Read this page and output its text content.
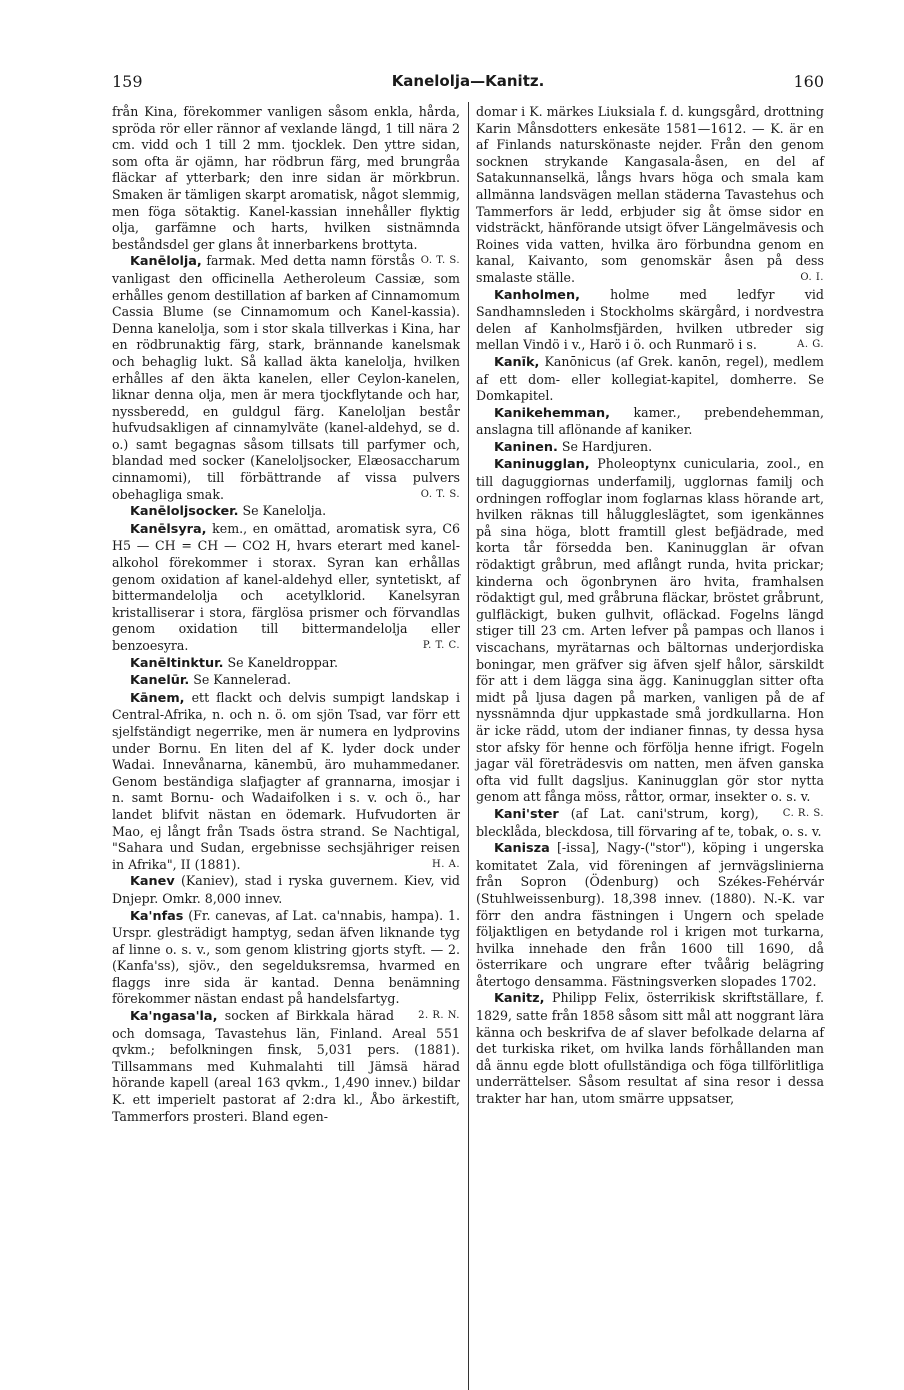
159	Kanelolja—Kanitz.	160

från Kina, förekommer vanligen såsom enkla, hårda, spröda rör eller rännor af vexlande längd, 1 till nära 2 cm. vidd och 1 till 2 mm. tjocklek. Den yttre sidan, som ofta är ojämn, har rödbrun färg, med brungråa fläckar af ytterbark; den inre sidan är mörkbrun. Smaken är tämligen skarpt aromatisk, något slemmig, men föga sötaktig. Kanel-kassian innehåller flyktig olja, garfämne och harts, hvilken sistnämnda beståndsdel ger glans åt innerbarkens brottyta.
O. T. S.

Kanēlolja, farmak. Med detta namn förstås vanligast den officinella Aetheroleum Cassiæ, som erhålles genom destillation af barken af Cinnamomum Cassia Blume (se Cinnamomum och Kanel-kassia). Denna kanelolja, som i stor skala tillverkas i Kina, har en rödbrunaktig färg, stark, brännande kanelsmak och behaglig lukt. Så kallad äkta kanelolja, hvilken erhålles af den äkta kanelen, eller Ceylon-kanelen, liknar denna olja, men är mera tjockflytande och har, nyssberedd, en guldgul färg. Kaneloljan består hufvudsakligen af cinnamylväte (kanel-aldehyd, se d. o.) samt begagnas såsom tillsats till parfymer och, blandad med socker (Kaneloljsocker, Elæosaccharum cinnamomi), till förbättrande af vissa pulvers obehagliga smak.	O. T. S.

Kanēloljsocker. Se Kanelolja.

Kanēlsyra, kem., en omättad, aromatisk syra, C6 H5 — CH = CH — CO2 H, hvars eterart med kanel-alkohol förekommer i storax. Syran kan erhållas genom oxidation af kanel-aldehyd eller, syntetiskt, af bittermandelolja och acetylklorid. Kanelsyran kristalliserar i stora, färglösa prismer och förvandlas genom oxidation till bittermandelolja eller benzoesyra.	P. T. C.

Kanēltinktur. Se Kaneldroppar.

Kanelūr. Se Kannelerad.

Kānem, ett flackt och delvis sumpigt landskap i Central-Afrika, n. och n. ö. om sjön Tsad, var förr ett sjelfständigt negerrike, men är numera en lydprovins under Bornu. En liten del af K. lyder dock under Wadai. Innevånarna, kānembū, äro muhammedaner. Genom beständiga slafjagter af grannarna, imosjar i n. samt Bornu- och Wadaifolken i s. v. och ö., har landet blifvit nästan en ödemark. Hufvudorten är Mao, ej långt från Tsads östra strand. Se Nachtigal, "Sahara und Sudan, ergebnisse sechsjähriger reisen in Afrika", II (1881).	H. A.

Kanev (Kaniev), stad i ryska guvernem. Kiev, vid Dnjepr. Omkr. 8,000 innev.

Ka'nfas (Fr. canevas, af Lat. ca'nnabis, hampa). 1. Urspr. glesträdigt hamptyg, sedan äfven liknande tyg af linne o. s. v., som genom klistring gjorts styft. — 2. (Kanfa'ss), sjöv., den segelduksremsa, hvarmed en flaggs inre sida är kantad. Denna benämning förekommer nästan endast på handelsfartyg.
2. R. N.

Ka'ngasa'la, socken af Birkkala härad och domsaga, Tavastehus län, Finland. Areal 551 qvkm.; befolkningen finsk, 5,031 pers. (1881). Tillsammans med Kuhmalahti till Jämsä härad hörande kapell (areal 163 qvkm., 1,490 innev.) bildar K. ett imperielt pastorat af 2:dra kl., Åbo ärkestift, Tammerfors prosteri. Bland egen-

domar i K. märkes Liuksiala f. d. kungsgård, drottning Karin Månsdotters enkesäte 1581—1612. — K. är en af Finlands naturskönaste nejder. Från den genom socknen strykande Kangasala-åsen, en del af Satakunnanselkä, långs hvars höga och smala kam allmänna landsvägen mellan städerna Tavastehus och Tammerfors är ledd, erbjuder sig åt ömse sidor en vidsträckt, hänförande utsigt öfver Längelmävesis och Roines vida vatten, hvilka äro förbundna genom en kanal, Kaivanto, som genomskär åsen på dess smalaste ställe.	O. I.

Kanholmen, holme med ledfyr vid Sandhamnsleden i Stockholms skärgård, i nordvestra delen af Kanholmsfjärden, hvilken utbreder sig mellan Vindö i v., Harö i ö. och Runmarö i s.	A. G.

Kanīk, Kanōnicus (af Grek. kanōn, regel), medlem af ett dom- eller kollegiat-kapitel, domherre. Se Domkapitel.

Kanikehemman, kamer., prebendehemman, anslagna till aflönande af kaniker.

Kaninen. Se Hardjuren.

Kaninugglan, Pholeoptynx cunicularia, zool., en till daguggiornas underfamilj, ugglornas familj och ordningen roffoglar inom foglarnas klass hörande art, hvilken räknas till håluggleslägtet, som igenkännes på sina höga, blott framtill glest befjädrade, med korta tår försedda ben. Kaninugglan är ofvan rödaktigt gråbrun, med aflångt runda, hvita prickar; kinderna och ögonbrynen äro hvita, framhalsen rödaktigt gul, med gråbruna fläckar, bröstet gråbrunt, gulfläckigt, buken gulhvit, ofläckad. Fogelns längd stiger till 23 cm. Arten lefver på pampas och llanos i viscachans, myrätarnas och bältornas underjordiska boningar, men gräfver sig äfven sjelf hålor, särskildt för att i dem lägga sina ägg. Kaninugglan sitter ofta midt på ljusa dagen på marken, vanligen på de af nyssnämnda djur uppkastade små jordkullarna. Hon är icke rädd, utom der indianer finnas, ty dessa hysa stor afsky för henne och förfölja henne ifrigt. Fogeln jagar väl företrädesvis om natten, men äfven ganska ofta vid fullt dagsljus. Kaninugglan gör stor nytta genom att fånga möss, råttor, ormar, insekter o. s. v.
C. R. S.

Kani'ster (af Lat. cani'strum, korg), blecklåda, bleckdosa, till förvaring af te, tobak, o. s. v.

Kanisza [-issa], Nagy-("stor"), köping i ungerska komitatet Zala, vid föreningen af jernvägslinierna från Sopron (Ödenburg) och Székes-Fehérvár (Stuhlweissenburg). 18,398 innev. (1880). N.-K. var förr den andra fästningen i Ungern och spelade följaktligen en betydande rol i krigen mot turkarna, hvilka innehade den från 1600 till 1690, då österrikare och ungrare efter tvåårig belägring återtogo densamma. Fästningsverken slopades 1702.

Kanitz, Philipp Felix, österrikisk skriftställare, f. 1829, satte från 1858 såsom sitt mål att noggrant lära känna och beskrifva de af slaver befolkade delarna af det turkiska riket, om hvilka lands förhållanden man då ännu egde blott ofullständiga och föga tillförlitliga underrättelser. Såsom resultat af sina resor i dessa trakter har han, utom smärre uppsatser,
